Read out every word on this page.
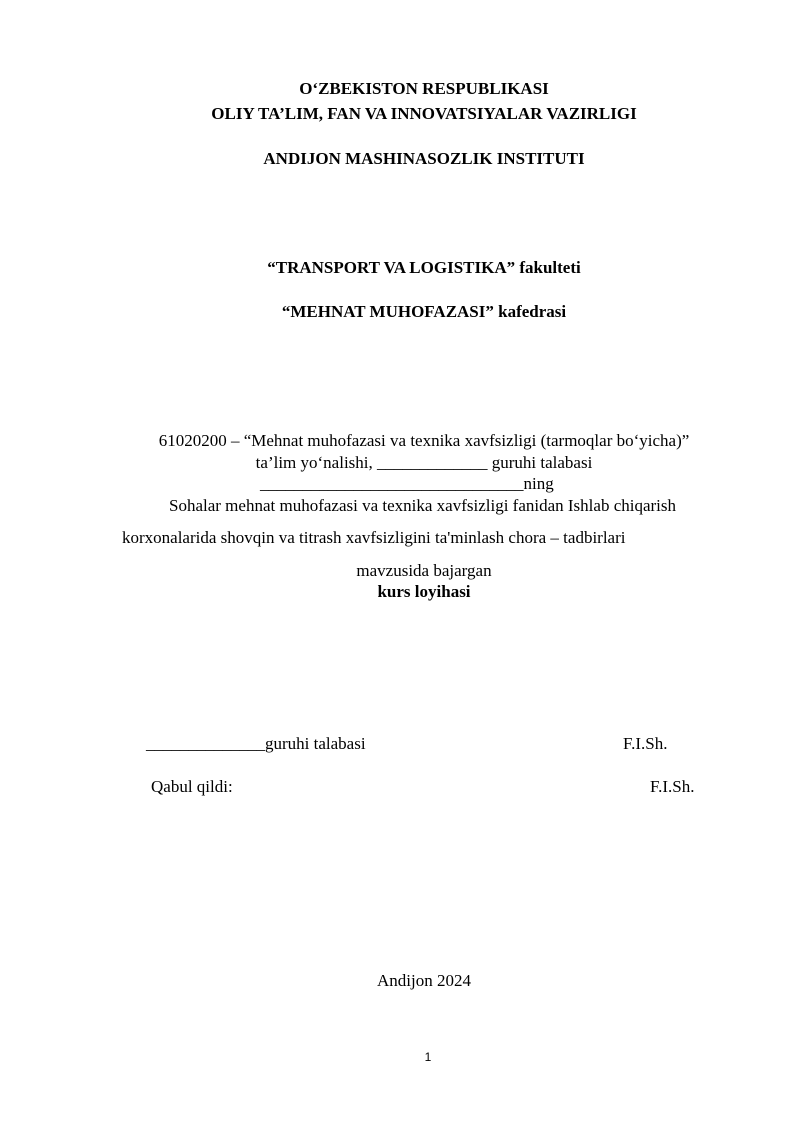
O‘ZBEKISTON RESPUBLIKASI
OLIY TA’LIM, FAN VA INNOVATSIYALAR VAZIRLIGI
ANDIJON MASHINASOZLIK INSTITUTI
“TRANSPORT VA LOGISTIKA” fakulteti
“MEHNAT MUHOFAZASI” kafedrasi
61020200 – “Mehnat muhofazasi va texnika xavfsizligi (tarmoqlar bo‘yicha)”
ta’lim yo‘nalishi, _____________ guruhi talabasi
_______________________________ning
Sohalar mehnat muhofazasi va texnika xavfsizligi fanidan Ishlab chiqarish
korxonalarida shovqin va titrash xavfsizligini ta'minlash chora – tadbirlari
mavzusida bajargan
kurs loyihasi
______________guruhi talabasi	F.I.Sh.
Qabul qildi:	F.I.Sh.
Andijon 2024
1
